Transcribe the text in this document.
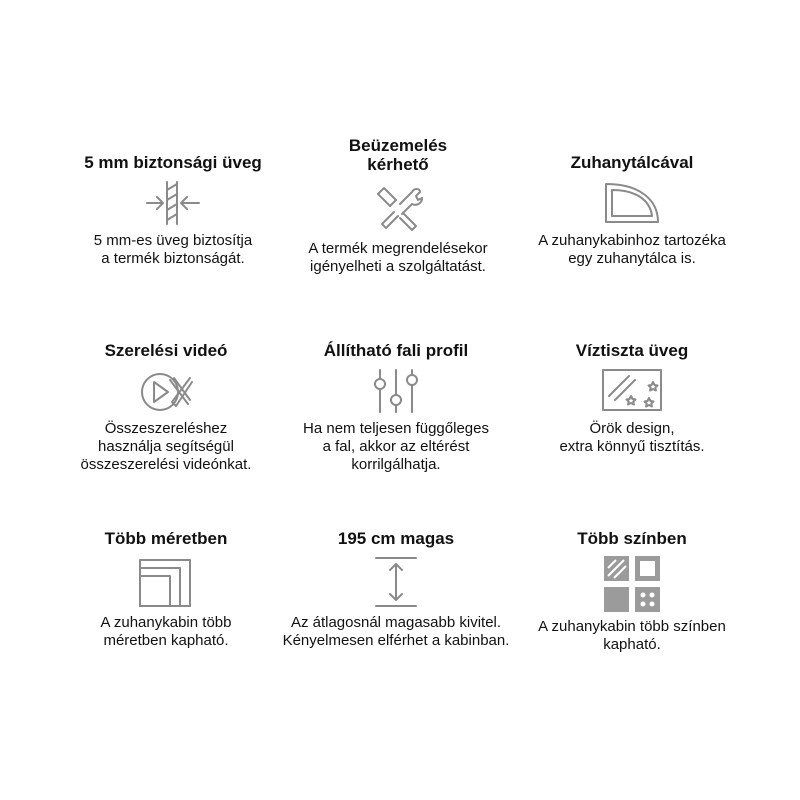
5 mm biztonsági üveg
5 mm-es üveg biztosítja
a termék biztonságát.
Beüzemelés kérhető
A termék megrendelésekor
igényelheti a szolgáltatást.
Zuhanytálcával
A zuhanykabinhoz tartozéka
egy zuhanytálca is.
Szerelési videó
Összeszereléshez
használja segítségül
összeszerelési videónkat.
Állítható fali profil
Ha nem teljesen függőleges
a fal, akkor az eltérést
korrilgálhatja.
Víztiszta üveg
Örök design,
extra könnyű tisztítás.
Több méretben
A zuhanykabin több
méretben kapható.
195 cm magas
Az átlagosnál magasabb kivitel.
Kényelmesen elférhet a kabinban.
Több színben
A zuhanykabin több színben
kapható.
